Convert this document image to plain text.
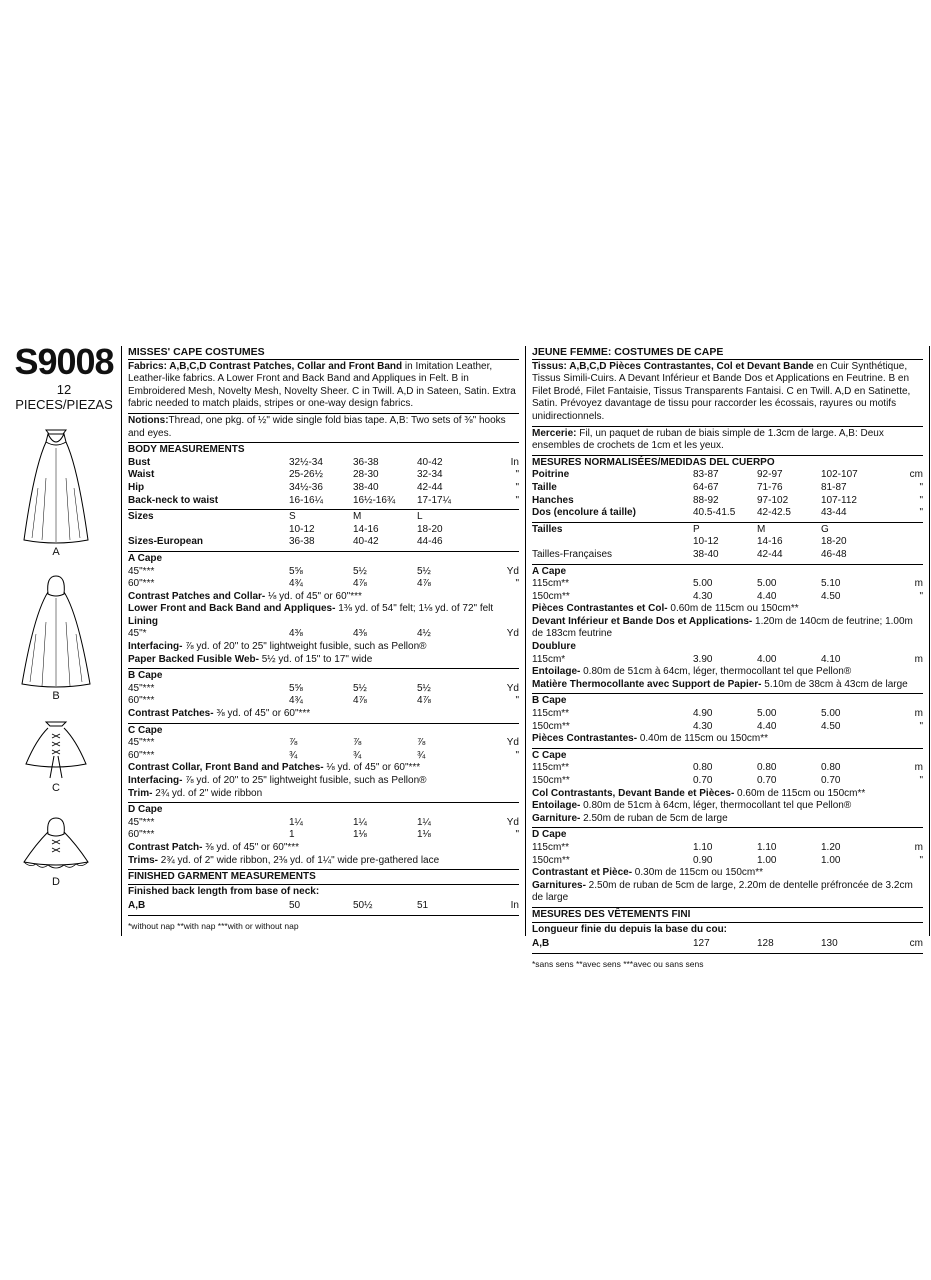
S9008
12 PIECES/PIEZAS
A
B
C
D
MISSES' CAPE COSTUMES

Fabrics: A,B,C,D Contrast Patches, Collar and Front Band in Imitation Leather, Leather-like fabrics. A Lower Front and Back Band and Appliques in Felt. B in Embroidered Mesh, Novelty Mesh, Novelty Sheer. C in Twill. A,D in Sateen, Satin. Extra fabric needed to match plaids, stripes or one-way design fabrics.

Notions:Thread, one pkg. of ½" wide single fold bias tape. A,B: Two sets of ⅜" hooks and eyes.

BODY MEASUREMENTS
Bust	32½-34	36-38	40-42	In
Waist	25-26½	28-30	32-34	"
Hip	34½-36	38-40	42-44	"
Back-neck to waist	16-16¼	16½-16¾	17-17¼	"
Sizes	S	M	L
10-12	14-16	18-20
Sizes-European	36-38	40-42	44-46
A Cape
45"***	5⅝	5½	5½	Yd
60"***	4¾	4⅞	4⅞	"

Contrast Patches and Collar- ⅛ yd. of 45" or 60"***

Lower Front and Back Band and Appliques- 1⅜ yd. of 54" felt; 1⅛ yd. of 72" felt

Lining
45"*	4⅜	4⅜	4½	Yd

Interfacing- ⅞ yd. of 20" to 25" lightweight fusible, such as Pellon®

Paper Backed Fusible Web- 5½ yd. of 15" to 17" wide

B Cape
45"***	5⅝	5½	5½	Yd
60"***	4¾	4⅞	4⅞	"

Contrast Patches- ⅜ yd. of 45" or 60"***

C Cape
45"***	⅞	⅞	⅞	Yd
60"***	¾	¾	¾	"

Contrast Collar, Front Band and Patches- ⅛ yd. of 45" or 60"***

Interfacing- ⅞ yd. of 20" to 25" lightweight fusible, such as Pellon®

Trim- 2¾ yd. of 2" wide ribbon

D Cape
45"***	1¼	1¼	1¼	Yd
60"***	1	1⅛	1⅛	"

Contrast Patch- ⅜ yd. of 45" or 60"***

Trims- 2¾ yd. of 2" wide ribbon, 2⅜ yd. of 1¼" wide pre-gathered lace

FINISHED GARMENT MEASUREMENTS
Finished back length from base of neck:
A,B	50	50½	51	In
*without nap **with nap ***with or without nap
JEUNE FEMME: COSTUMES DE CAPE

Tissus: A,B,C,D Pièces Contrastantes, Col et Devant Bande en Cuir Synthétique, Tissus Simili-Cuirs. A Devant Inférieur et Bande Dos et Applications en Feutrine. B en Filet Brodé, Filet Fantaisie, Tissus Transparents Fantaisi. C en Twill. A,D en Satinette, Satin. Prévoyez davantage de tissu pour raccorder les écossais, rayures ou motifs unidirectionnels.

Mercerie: Fil, un paquet de ruban de biais simple de 1.3cm de large. A,B: Deux ensembles de crochets de 1cm et les yeux.

MESURES NORMALISÉES/MEDIDAS DEL CUERPO
Poitrine	83-87	92-97	102-107	cm
Taille	64-67	71-76	81-87	"
Hanches	88-92	97-102	107-112	"
Dos (encolure á taille)	40.5-41.5	42-42.5	43-44	"
Tailles	P	M	G
10-12	14-16	18-20
Tailles-Françaises	38-40	42-44	46-48
A Cape
115cm**	5.00	5.00	5.10	m
150cm**	4.30	4.40	4.50	"

Pièces Contrastantes et Col- 0.60m de 115cm ou 150cm**

Devant Inférieur et Bande Dos et Applications- 1.20m de 140cm de feutrine; 1.00m de 183cm feutrine

Doublure
115cm*	3.90	4.00	4.10	m

Entoilage- 0.80m de 51cm à 64cm, léger, thermocollant tel que Pellon®

Matière Thermocollante avec Support de Papier- 5.10m de 38cm à 43cm de large

B Cape
115cm**	4.90	5.00	5.00	m
150cm**	4.30	4.40	4.50	"

Pièces Contrastantes- 0.40m de 115cm ou 150cm**

C Cape
115cm**	0.80	0.80	0.80	m
150cm**	0.70	0.70	0.70	"

Col Contrastants, Devant Bande et Pièces- 0.60m de 115cm ou 150cm**

Entoilage- 0.80m de 51cm à 64cm, léger, thermocollant tel que Pellon®

Garniture- 2.50m de ruban de 5cm de large

D Cape
115cm**	1.10	1.10	1.20	m
150cm**	0.90	1.00	1.00	"

Contrastant et Pièce- 0.30m de 115cm ou 150cm**

Garnitures- 2.50m de ruban de 5cm de large, 2.20m de dentelle préfroncée de 3.2cm de large

MESURES DES VÊTEMENTS FINI
Longueur finie du depuis la base du cou:
A,B	127	128	130	cm
*sans sens **avec sens ***avec ou sans sens
